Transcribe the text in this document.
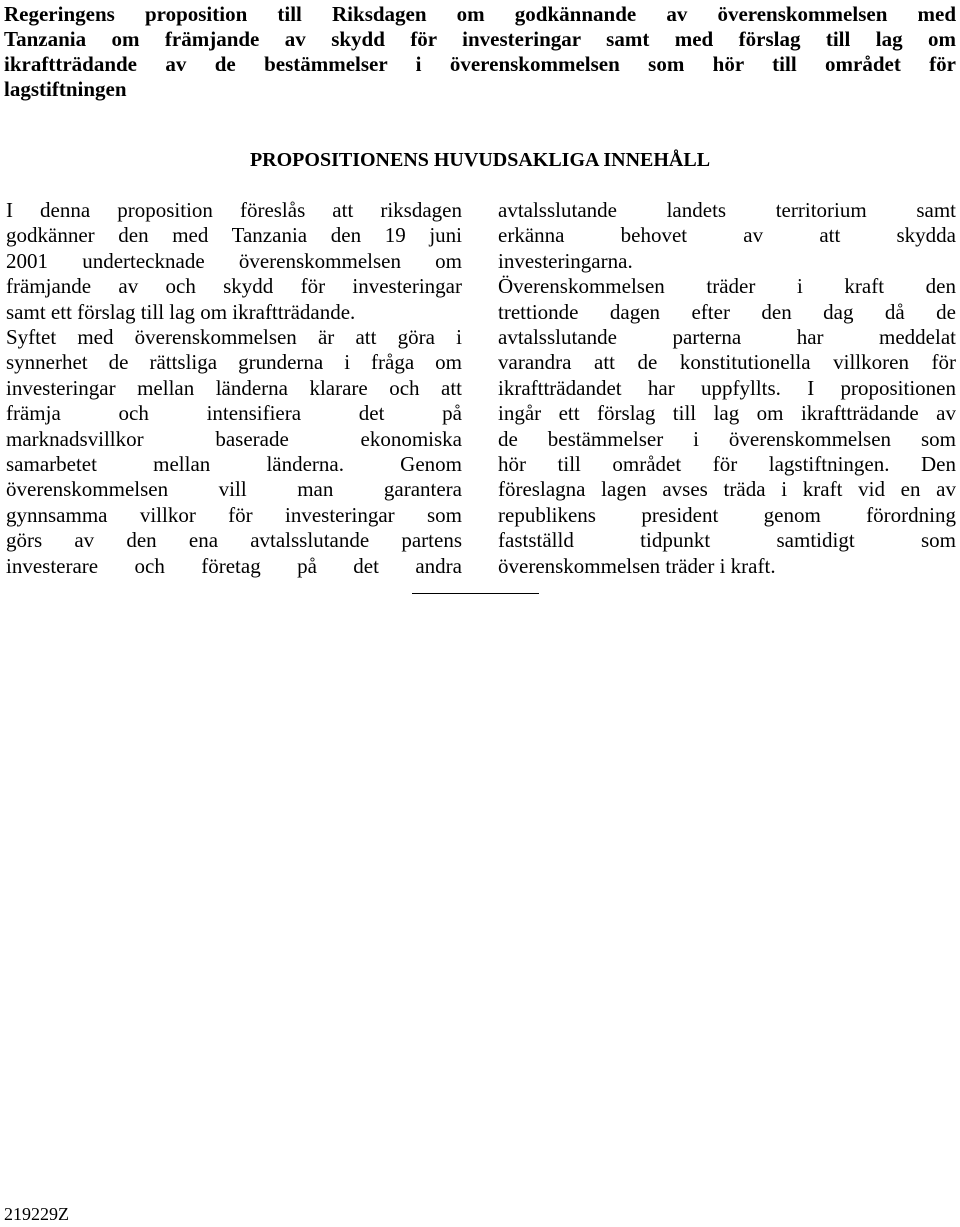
Regeringens proposition till Riksdagen om godkännande av överenskommelsen med
Tanzania om främjande av skydd för investeringar samt med förslag till lag om
ikraftträdande av de bestämmelser i överenskommelsen som hör till området för
lagstiftningen
PROPOSITIONENS HUVUDSAKLIGA INNEHÅLL
I denna proposition föreslås att riksdagen
godkänner den med Tanzania den 19 juni
2001 undertecknade överenskommelsen om
främjande av och skydd för investeringar
samt ett förslag till lag om ikraftträdande.
Syftet med överenskommelsen är att göra i
synnerhet de rättsliga grunderna i fråga om
investeringar mellan länderna klarare och att
främja och intensifiera det på
marknadsvillkor baserade ekonomiska
samarbetet mellan länderna. Genom
överenskommelsen vill man garantera
gynnsamma villkor för investeringar som
görs av den ena avtalsslutande partens
investerare och företag på det andra
avtalsslutande landets territorium samt
erkänna behovet av att skydda
investeringarna.
Överenskommelsen träder i kraft den
trettionde dagen efter den dag då de
avtalsslutande parterna har meddelat
varandra att de konstitutionella villkoren för
ikraftträdandet har uppfyllts. I propositionen
ingår ett förslag till lag om ikraftträdande av
de bestämmelser i överenskommelsen som
hör till området för lagstiftningen. Den
föreslagna lagen avses träda i kraft vid en av
republikens president genom förordning
fastställd tidpunkt samtidigt som
överenskommelsen träder i kraft.
219229Z
